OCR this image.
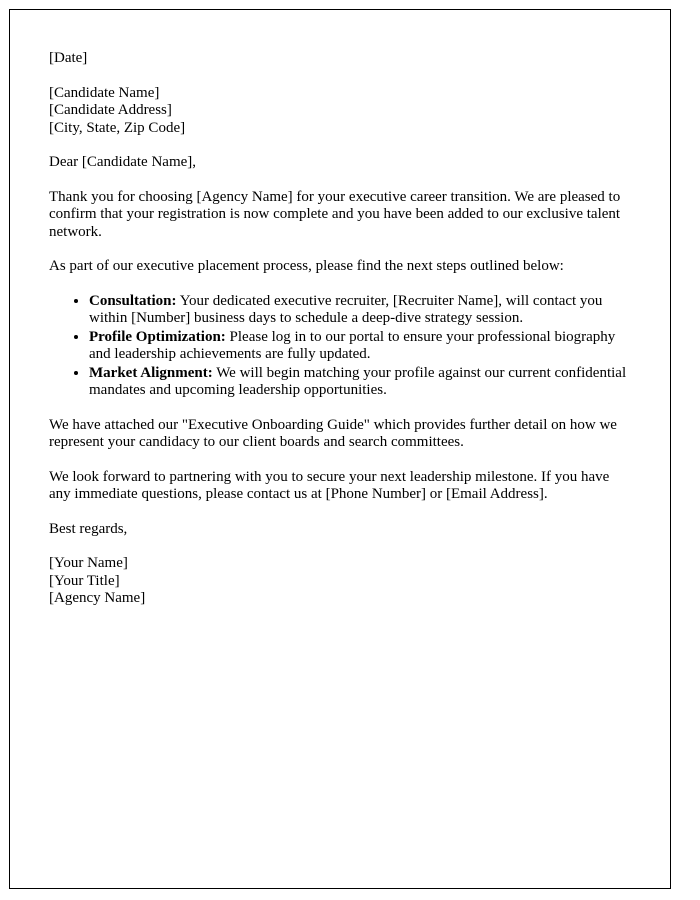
[Date]

[Candidate Name]
[Candidate Address]
[City, State, Zip Code]

Dear [Candidate Name],

Thank you for choosing [Agency Name] for your executive career transition. We are pleased to confirm that your registration is now complete and you have been added to our exclusive talent network.

As part of our executive placement process, please find the next steps outlined below:

• Consultation: Your dedicated executive recruiter, [Recruiter Name], will contact you within [Number] business days to schedule a deep-dive strategy session.
• Profile Optimization: Please log in to our portal to ensure your professional biography and leadership achievements are fully updated.
• Market Alignment: We will begin matching your profile against our current confidential mandates and upcoming leadership opportunities.

We have attached our "Executive Onboarding Guide" which provides further detail on how we represent your candidacy to our client boards and search committees.

We look forward to partnering with you to secure your next leadership milestone. If you have any immediate questions, please contact us at [Phone Number] or [Email Address].

Best regards,

[Your Name]
[Your Title]
[Agency Name]
